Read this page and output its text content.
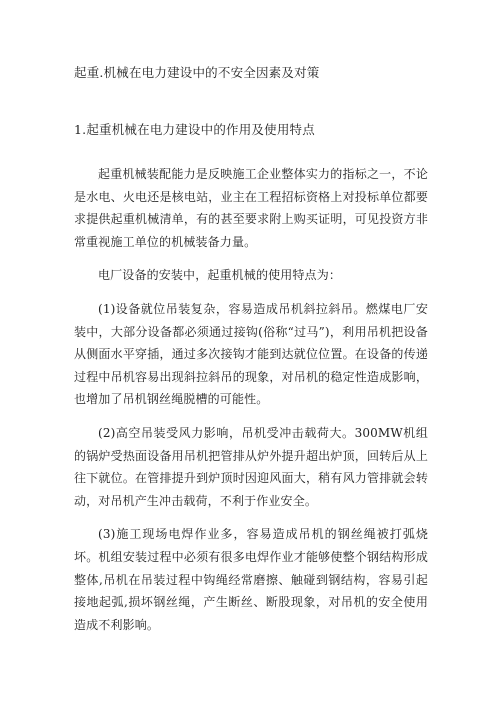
起重.机械在电力建设中的不安全因素及对策
1.起重机械在电力建设中的作用及使用特点

起重机械装配能力是反映施工企业整体实力的指标之一，不论是水电、火电还是核电站，业主在工程招标资格上对投标单位都要求提供起重机械清单，有的甚至要求附上购买证明，可见投资方非常重视施工单位的机械装备力量。

电厂设备的安装中，起重机械的使用特点为：

(1)设备就位吊装复杂，容易造成吊机斜拉斜吊。燃煤电厂安装中，大部分设备都必须通过接钩(俗称“过马”)，利用吊机把设备从侧面水平穿插，通过多次接钩才能到达就位位置。在设备的传递过程中吊机容易出现斜拉斜吊的现象，对吊机的稳定性造成影响，也增加了吊机钢丝绳脱槽的可能性。

(2)高空吊装受风力影响，吊机受冲击载荷大。300MW机组的锅炉受热面设备用吊机把管排从炉外提升超出炉顶，回转后从上往下就位。在管排提升到炉顶时因迎风面大，稍有风力管排就会转动，对吊机产生冲击载荷，不利于作业安全。

(3)施工现场电焊作业多，容易造成吊机的钢丝绳被打弧烧坏。机组安装过程中必须有很多电焊作业才能够使整个钢结构形成整体,吊机在吊装过程中钩绳经常磨擦、触碰到钢结构，容易引起接地起弧,损坏钢丝绳，产生断丝、断股现象，对吊机的安全使用造成不利影响。
